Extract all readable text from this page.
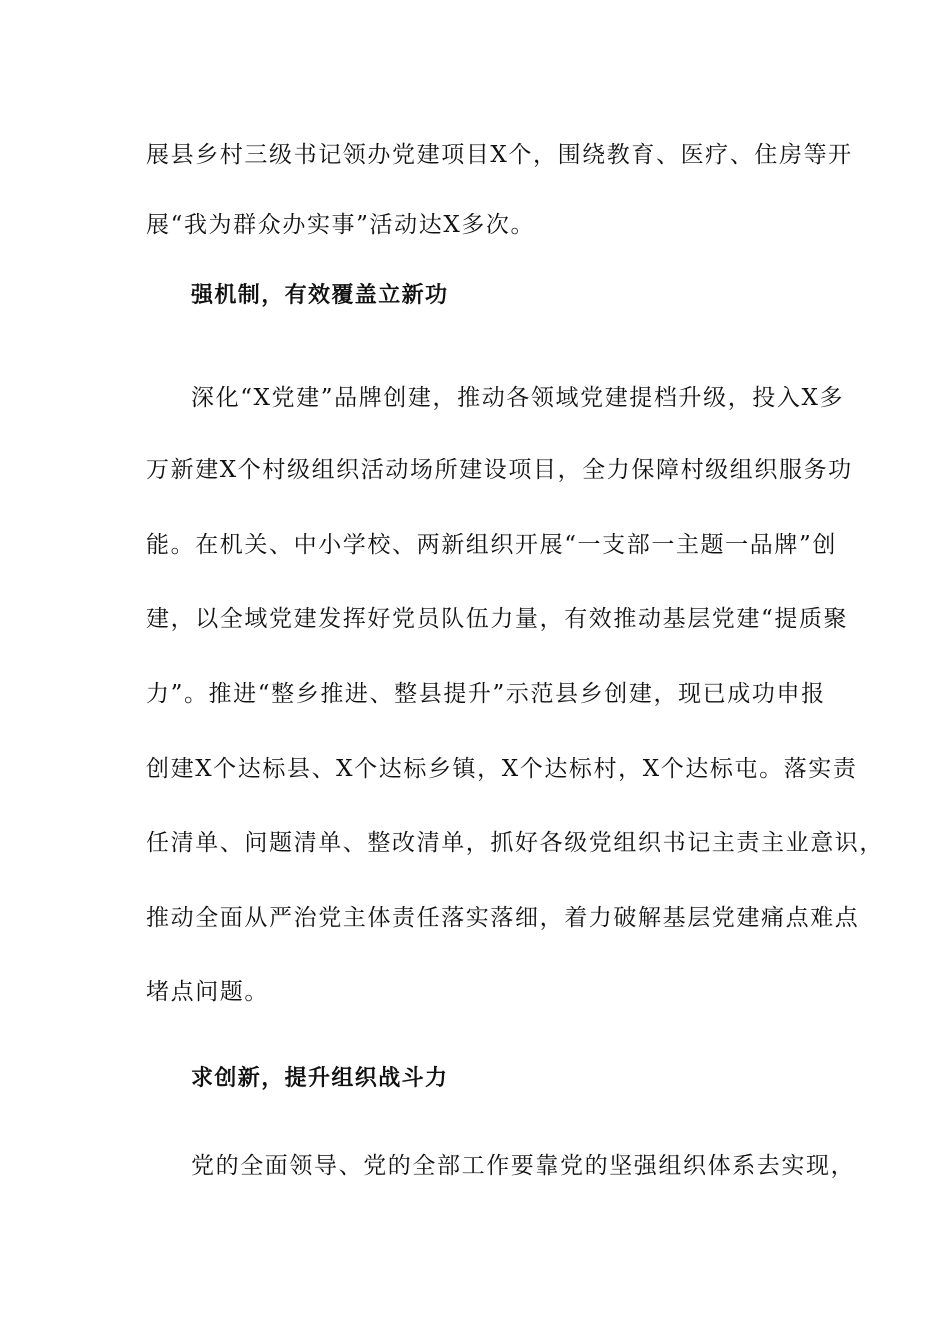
展县乡村三级书记领办党建项目X个，围绕教育、医疗、住房等开
展“我为群众办实事”活动达X多次。
强机制，有效覆盖立新功
深化“X党建”品牌创建，推动各领域党建提档升级，投入X多
万新建X个村级组织活动场所建设项目，全力保障村级组织服务功
能。在机关、中小学校、两新组织开展“一支部一主题一品牌”创
建，以全域党建发挥好党员队伍力量，有效推动基层党建“提质聚
力”。推进“整乡推进、整县提升”示范县乡创建，现已成功申报
创建X个达标县、X个达标乡镇，X个达标村，X个达标屯。落实责
任清单、问题清单、整改清单，抓好各级党组织书记主责主业意识，
推动全面从严治党主体责任落实落细，着力破解基层党建痛点难点
堵点问题。
求创新，提升组织战斗力
党的全面领导、党的全部工作要靠党的坚强组织体系去实现，
